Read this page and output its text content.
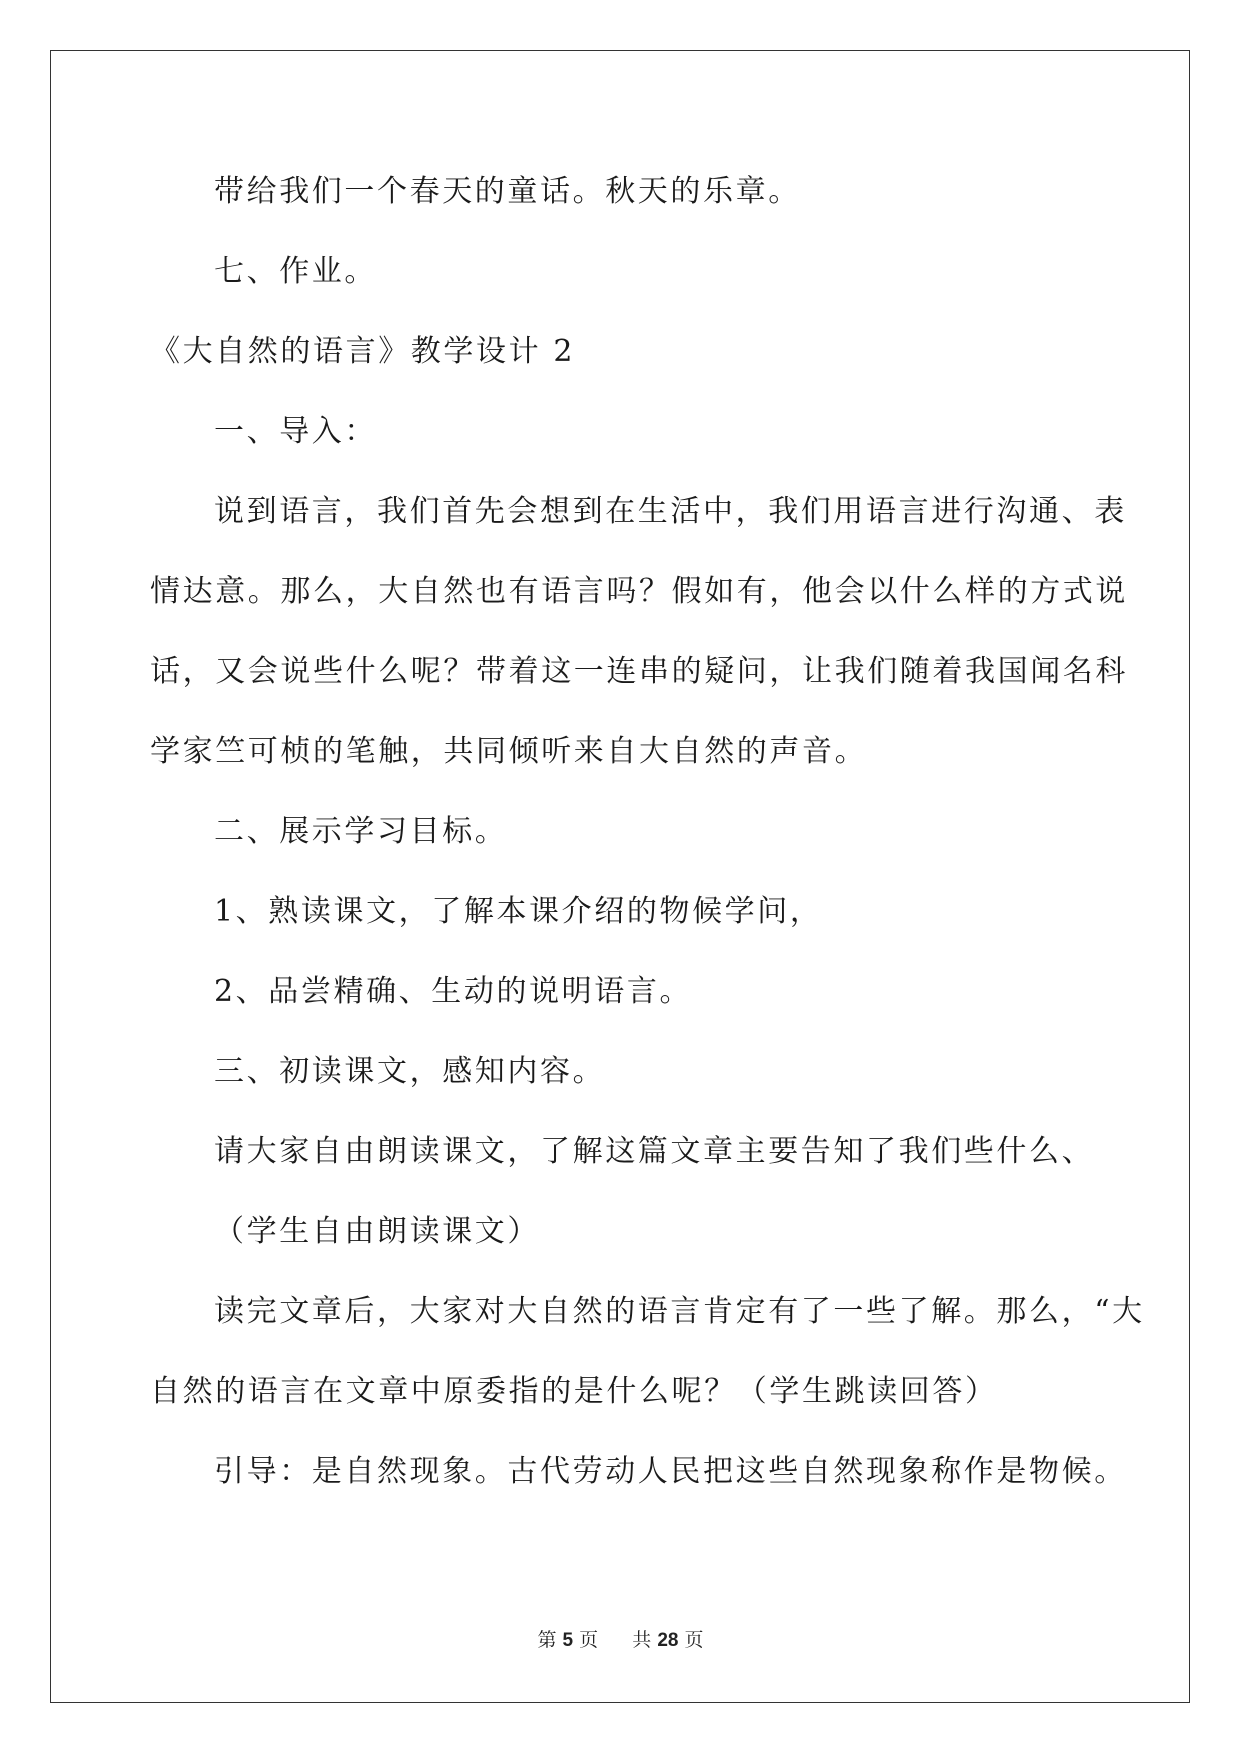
带给我们一个春天的童话。秋天的乐章。
七、作业。
《大自然的语言》教学设计 2
一、导入：
说到语言，我们首先会想到在生活中，我们用语言进行沟通、表
情达意。那么，大自然也有语言吗？假如有，他会以什么样的方式说
话，又会说些什么呢？带着这一连串的疑问，让我们随着我国闻名科
学家竺可桢的笔触，共同倾听来自大自然的声音。
二、展示学习目标。
1、熟读课文，了解本课介绍的物候学问，
2、品尝精确、生动的说明语言。
三、初读课文，感知内容。
请大家自由朗读课文，了解这篇文章主要告知了我们些什么、
（学生自由朗读课文）
读完文章后，大家对大自然的语言肯定有了一些了解。那么，“大
自然的语言在文章中原委指的是什么呢？（学生跳读回答）
引导：是自然现象。古代劳动人民把这些自然现象称作是物候。
第 5 页 共 28 页
